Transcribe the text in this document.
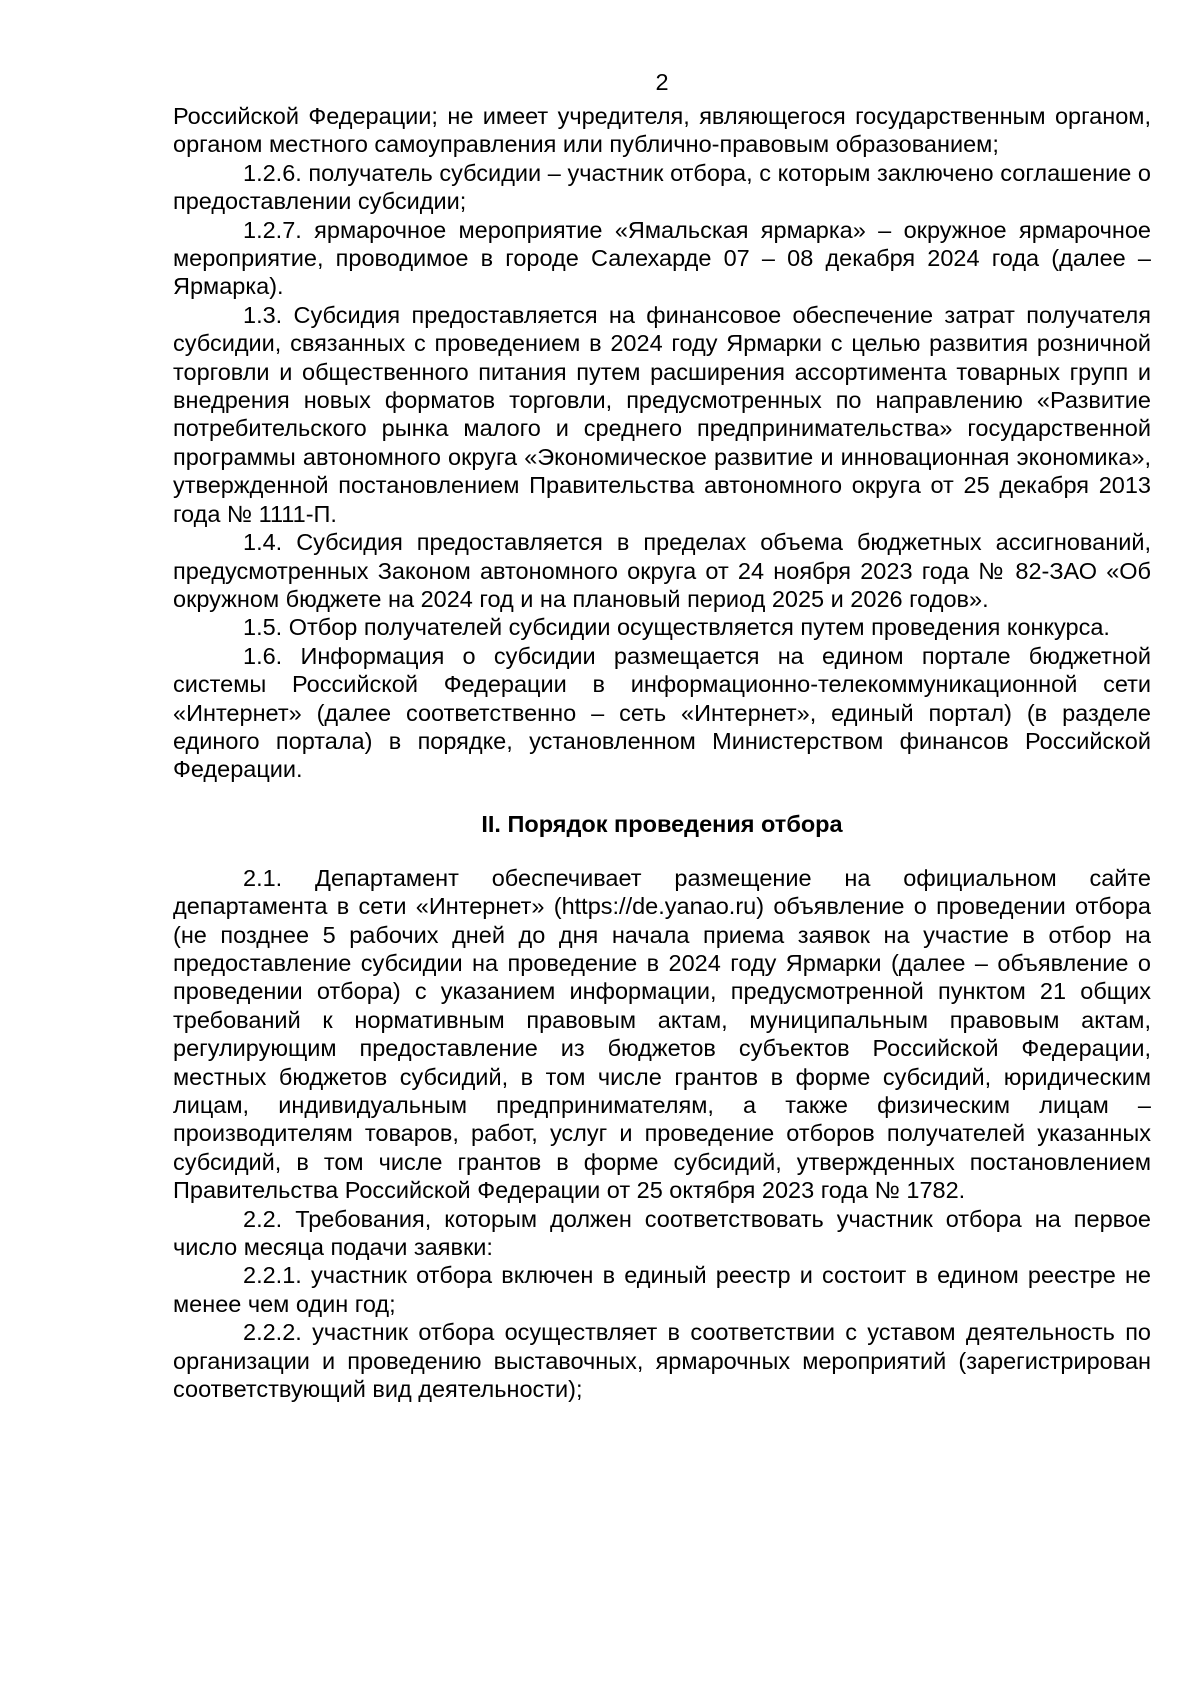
2

Российской Федерации; не имеет учредителя, являющегося государственным органом, органом местного самоуправления или публично-правовым образованием;

1.2.6. получатель субсидии – участник отбора, с которым заключено соглашение о предоставлении субсидии;

1.2.7. ярмарочное мероприятие «Ямальская ярмарка» – окружное ярмарочное мероприятие, проводимое в городе Салехарде 07 – 08 декабря 2024 года (далее – Ярмарка).

1.3. Субсидия предоставляется на финансовое обеспечение затрат получателя субсидии, связанных с проведением в 2024 году Ярмарки с целью развития розничной торговли и общественного питания путем расширения ассортимента товарных групп и внедрения новых форматов торговли, предусмотренных по направлению «Развитие потребительского рынка малого и среднего предпринимательства» государственной программы автономного округа «Экономическое развитие и инновационная экономика», утвержденной постановлением Правительства автономного округа от 25 декабря 2013 года № 1111-П.

1.4. Субсидия предоставляется в пределах объема бюджетных ассигнований, предусмотренных Законом автономного округа от 24 ноября 2023 года № 82-ЗАО «Об окружном бюджете на 2024 год и на плановый период 2025 и 2026 годов».

1.5. Отбор получателей субсидии осуществляется путем проведения конкурса.

1.6. Информация о субсидии размещается на едином портале бюджетной системы Российской Федерации в информационно-телекоммуникационной сети «Интернет» (далее соответственно – сеть «Интернет», единый портал) (в разделе единого портала) в порядке, установленном Министерством финансов Российской Федерации.

II. Порядок проведения отбора

2.1. Департамент обеспечивает размещение на официальном сайте департамента в сети «Интернет» (https://de.yanao.ru) объявление о проведении отбора (не позднее 5 рабочих дней до дня начала приема заявок на участие в отбор на предоставление субсидии на проведение в 2024 году Ярмарки (далее – объявление о проведении отбора) с указанием информации, предусмотренной пунктом 21 общих требований к нормативным правовым актам, муниципальным правовым актам, регулирующим предоставление из бюджетов субъектов Российской Федерации, местных бюджетов субсидий, в том числе грантов в форме субсидий, юридическим лицам, индивидуальным предпринимателям, а также физическим лицам – производителям товаров, работ, услуг и проведение отборов получателей указанных субсидий, в том числе грантов в форме субсидий, утвержденных постановлением Правительства Российской Федерации от 25 октября 2023 года № 1782.

2.2. Требования, которым должен соответствовать участник отбора на первое число месяца подачи заявки:

2.2.1. участник отбора включен в единый реестр и состоит в едином реестре не менее чем один год;

2.2.2. участник отбора осуществляет в соответствии с уставом деятельность по организации и проведению выставочных, ярмарочных мероприятий (зарегистрирован соответствующий вид деятельности);
